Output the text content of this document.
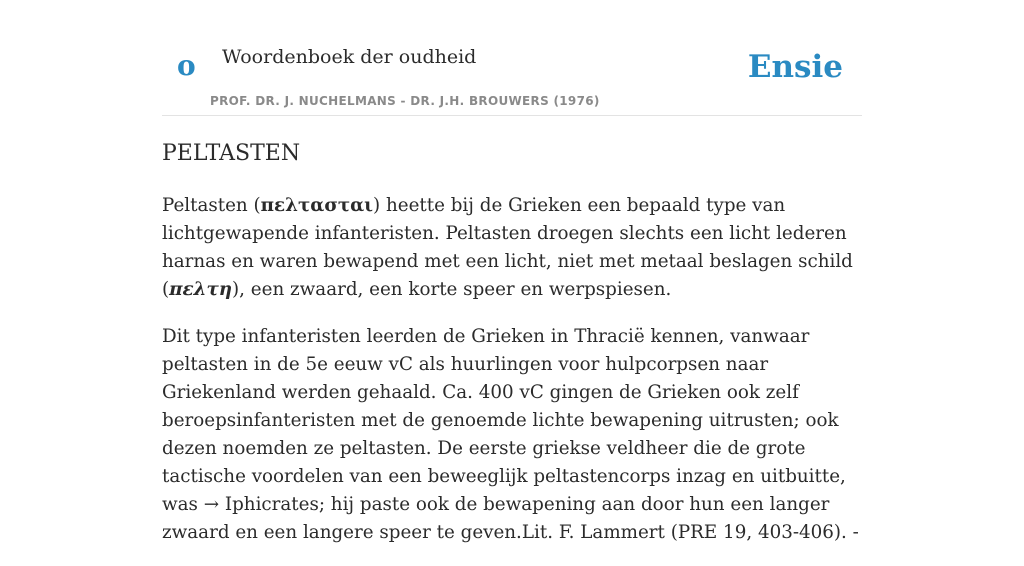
o Woordenboek der oudheid
PROF. DR. J. NUCHELMANS - DR. J.H. BROUWERS (1976)
Ensie
PELTASTEN

Peltasten (πελτασται) heette bij de Grieken een bepaald type van lichtgewapende infanteristen. Peltasten droegen slechts een licht lederen harnas en waren bewapend met een licht, niet met metaal beslagen schild (πελτη), een zwaard, een korte speer en werpspiesen.

Dit type infanteristen leerden de Grieken in Thracië kennen, vanwaar peltasten in de 5e eeuw vC als huurlingen voor hulpcorpsen naar Griekenland werden gehaald. Ca. 400 vC gingen de Grieken ook zelf beroepsinfanteristen met de genoemde lichte bewapening uitrusten; ook dezen noemden ze peltasten. De eerste griekse veldheer die de grote tactische voordelen van een beweeglijk peltastencorps inzag en uitbuitte, was → Iphicrates; hij paste ook de bewapening aan door hun een langer zwaard en een langere speer te geven.Lit. F. Lammert (PRE 19, 403-406). -
